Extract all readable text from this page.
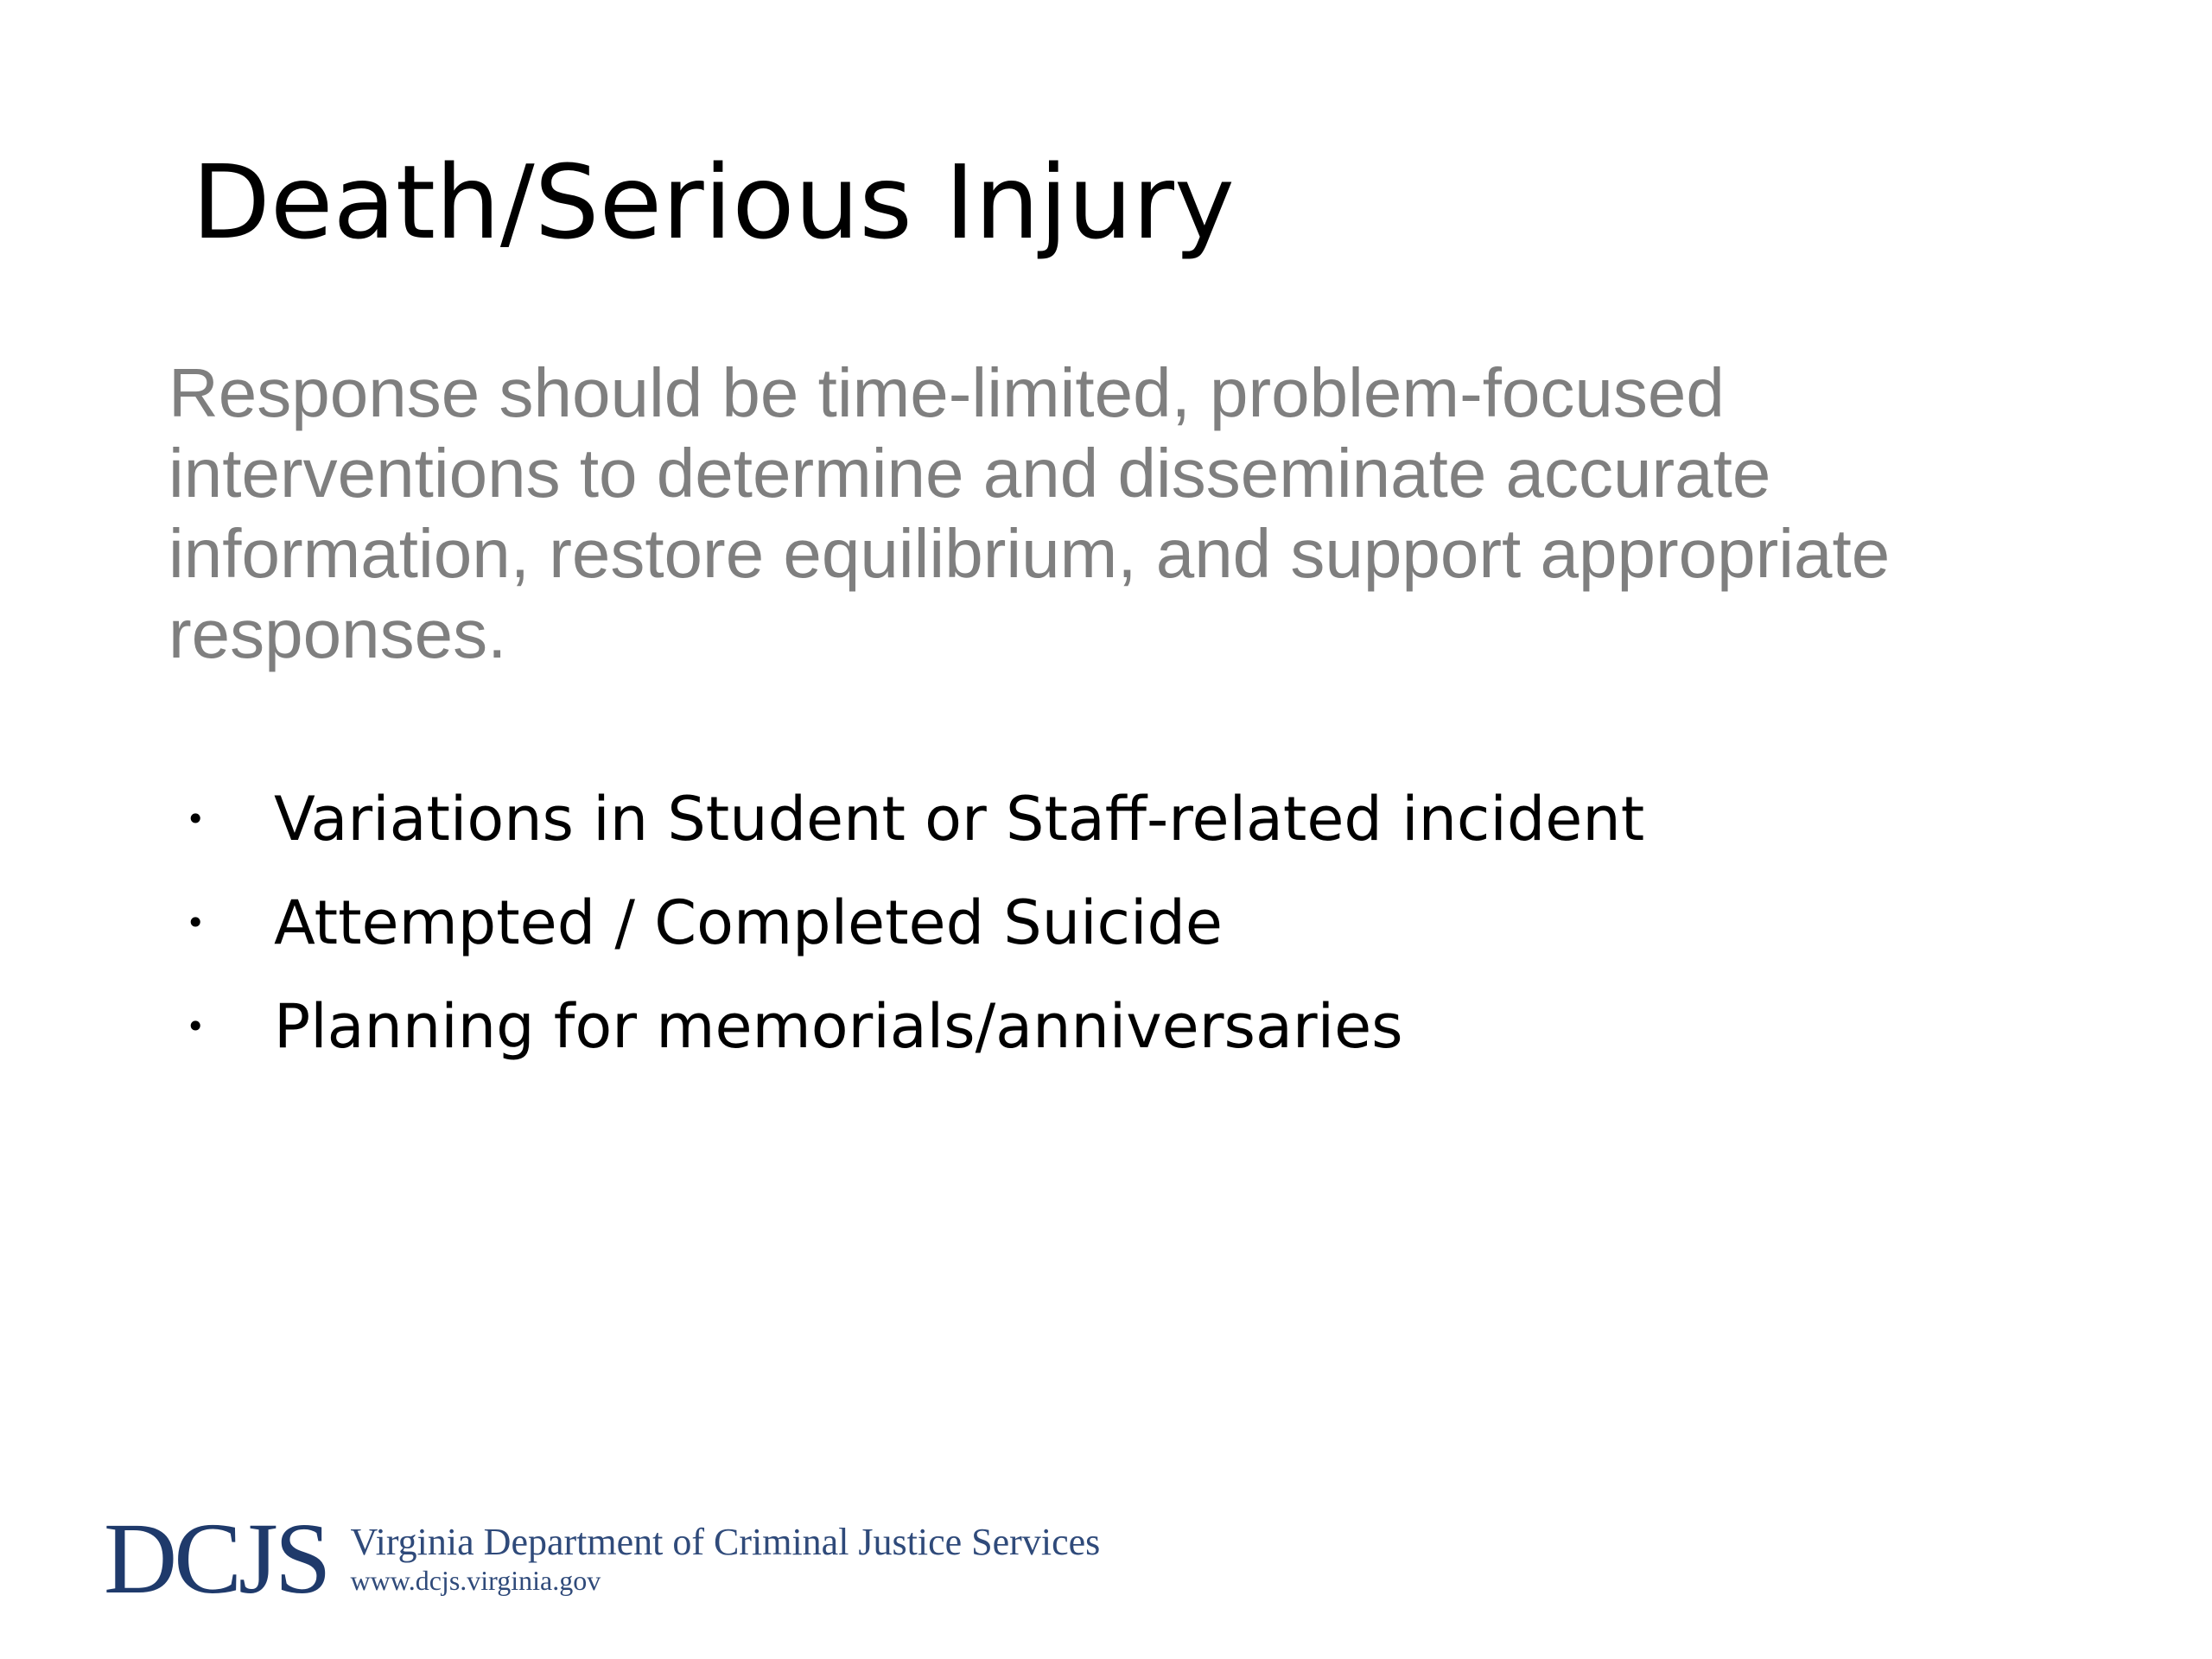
Death/Serious Injury

Response should be time-limited, problem-focused interventions to determine and disseminate accurate information, restore equilibrium, and support appropriate responses.

• Variations in Student or Staff-related incident
• Attempted / Completed Suicide
• Planning for memorials/anniversaries
DCJS Virginia Department of Criminal Justice Services
www.dcjs.virginia.gov
